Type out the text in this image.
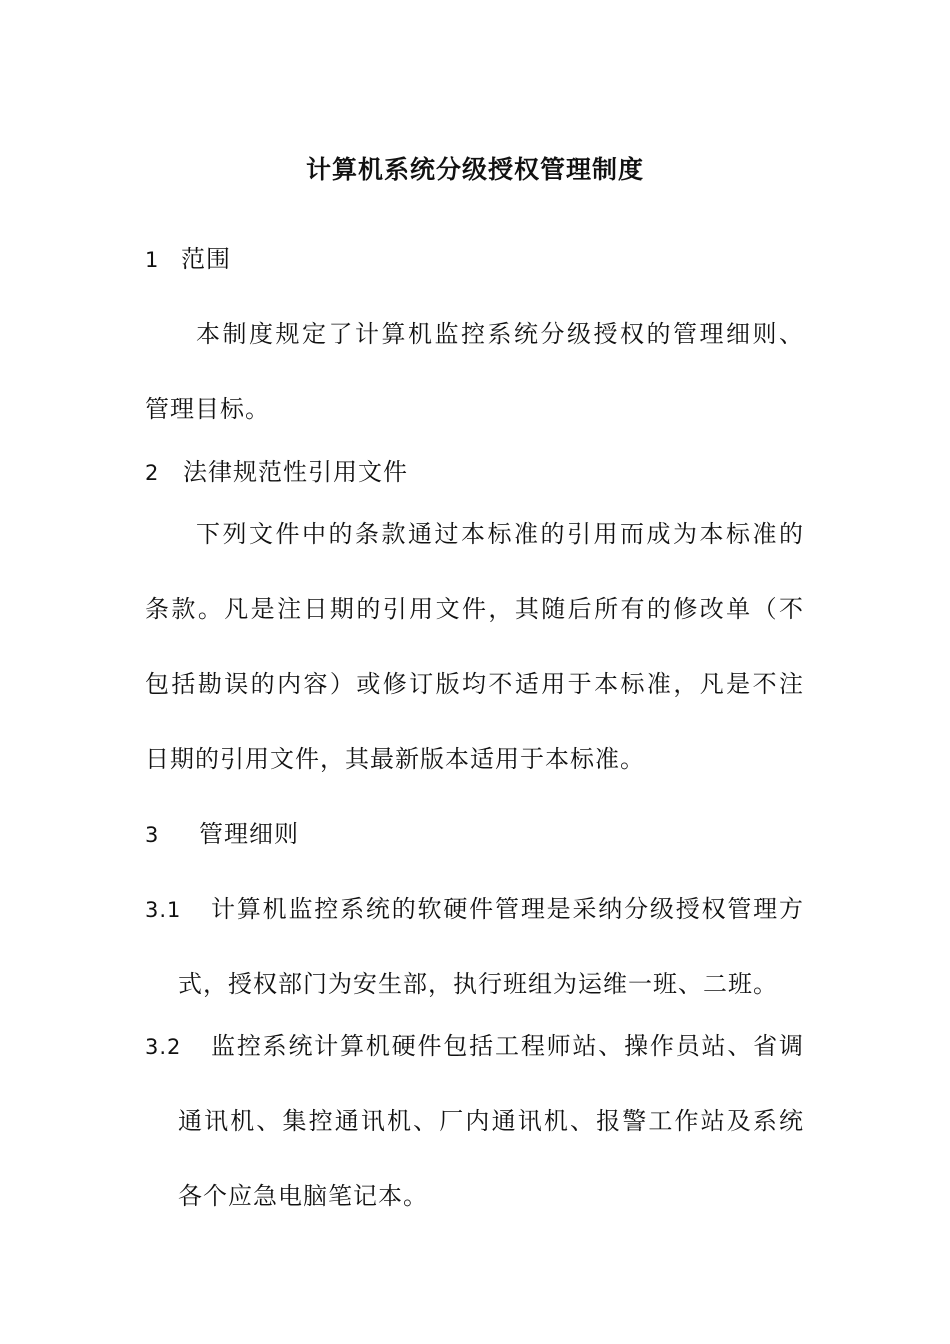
计算机系统分级授权管理制度
1 范围
本制度规定了计算机监控系统分级授权的管理细则、
管理目标。
2 法律规范性引用文件
下列文件中的条款通过本标准的引用而成为本标准的
条款。凡是注日期的引用文件，其随后所有的修改单（不
包括勘误的内容）或修订版均不适用于本标准，凡是不注
日期的引用文件，其最新版本适用于本标准。
3 管理细则
3.1 计算机监控系统的软硬件管理是采纳分级授权管理方
式，授权部门为安生部，执行班组为运维一班、二班。
3.2 监控系统计算机硬件包括工程师站、操作员站、省调
通讯机、集控通讯机、厂内通讯机、报警工作站及系统
各个应急电脑笔记本。
